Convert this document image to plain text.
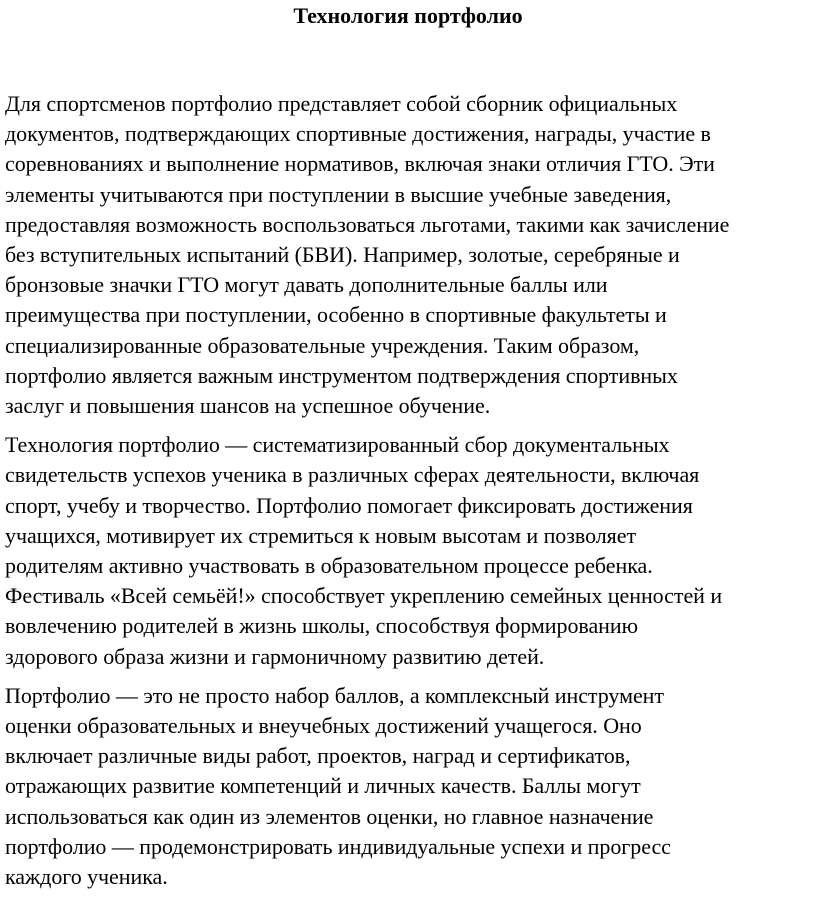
Технология портфолио

Для спортсменов портфолио представляет собой сборник официальных
документов, подтверждающих спортивные достижения, награды, участие в
соревнованиях и выполнение нормативов, включая знаки отличия ГТО. Эти
элементы учитываются при поступлении в высшие учебные заведения,
предоставляя возможность воспользоваться льготами, такими как зачисление
без вступительных испытаний (БВИ). Например, золотые, серебряные и
бронзовые значки ГТО могут давать дополнительные баллы или
преимущества при поступлении, особенно в спортивные факультеты и
специализированные образовательные учреждения. Таким образом,
портфолио является важным инструментом подтверждения спортивных
заслуг и повышения шансов на успешное обучение.

Технология портфолио — систематизированный сбор документальных
свидетельств успехов ученика в различных сферах деятельности, включая
спорт, учебу и творчество. Портфолио помогает фиксировать достижения
учащихся, мотивирует их стремиться к новым высотам и позволяет
родителям активно участвовать в образовательном процессе ребенка.
Фестиваль «Всей семьёй!» способствует укреплению семейных ценностей и
вовлечению родителей в жизнь школы, способствуя формированию
здорового образа жизни и гармоничному развитию детей.

Портфолио — это не просто набор баллов, а комплексный инструмент
оценки образовательных и внеучебных достижений учащегося. Оно
включает различные виды работ, проектов, наград и сертификатов,
отражающих развитие компетенций и личных качеств. Баллы могут
использоваться как один из элементов оценки, но главное назначение
портфолио — продемонстрировать индивидуальные успехи и прогресс
каждого ученика.
